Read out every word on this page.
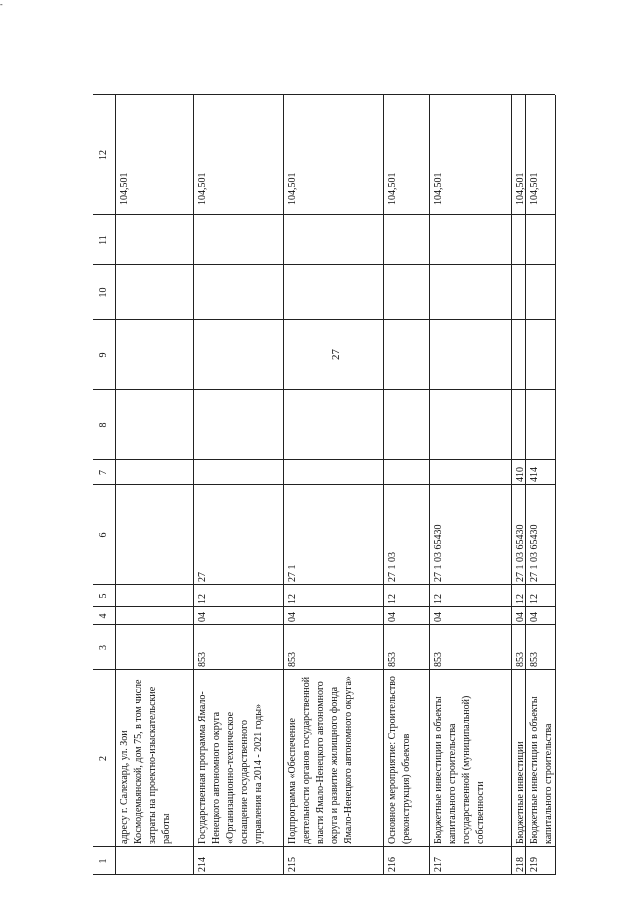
-
27
1
2
3
4
5
6
7
8
9
10
11
12
адресу г. Салехард, ул. Зои Космодемьянской, дом 75, в том числе затраты на проектно-изыскательские работы
104,501
214
Государственная программа Ямало-Ненецкого автономного округа «Организационно-техническое оснащение государственного управления на 2014 - 2021 годы»
853
04
12
27
104,501
215
Подпрограмма «Обеспечение деятельности органов государственной власти Ямало-Ненецкого автономного округа и развитие жилищного фонда Ямало-Ненецкого автономного округа»
853
04
12
27 1
104,501
216
Основное мероприятие: Строительство (реконструкция) объектов
853
04
12
27 1 03
104,501
217
Бюджетные инвестиции в объекты капитального строительства государственной (муниципальной) собственности
853
04
12
27 1 03 65430
104,501
218
Бюджетные инвестиции
853
04
12
27 1 03 65430
410
104,501
219
Бюджетные инвестиции в объекты капитального строительства
853
04
12
27 1 03 65430
414
104,501
